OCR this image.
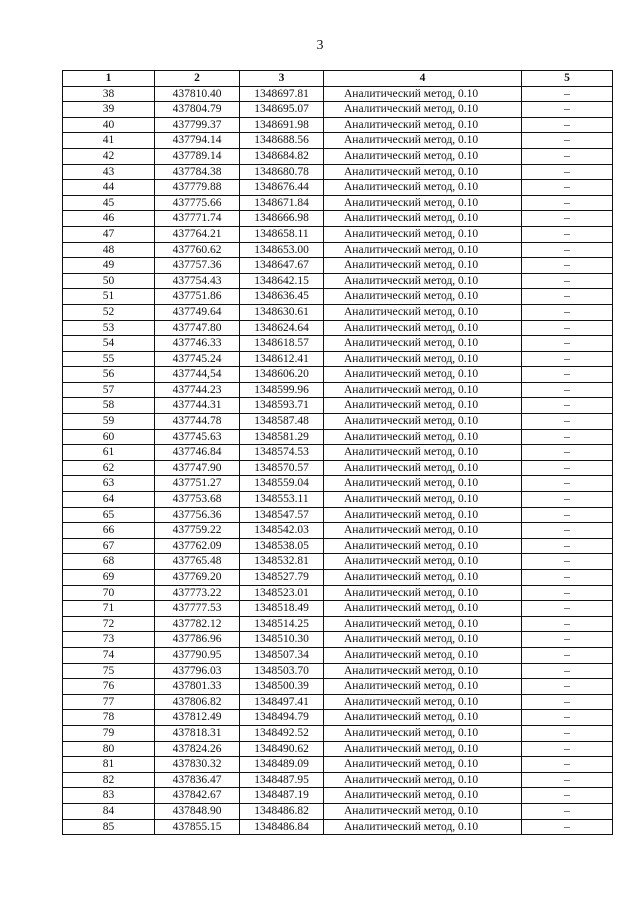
3
1	2	3	4	5
38	437810.40	1348697.81	Аналитический метод, 0.10	–
39	437804.79	1348695.07	Аналитический метод, 0.10	–
40	437799.37	1348691.98	Аналитический метод, 0.10	–
41	437794.14	1348688.56	Аналитический метод, 0.10	–
42	437789.14	1348684.82	Аналитический метод, 0.10	–
43	437784.38	1348680.78	Аналитический метод, 0.10	–
44	437779.88	1348676.44	Аналитический метод, 0.10	–
45	437775.66	1348671.84	Аналитический метод, 0.10	–
46	437771.74	1348666.98	Аналитический метод, 0.10	–
47	437764.21	1348658.11	Аналитический метод, 0.10	–
48	437760.62	1348653.00	Аналитический метод, 0.10	–
49	437757.36	1348647.67	Аналитический метод, 0.10	–
50	437754.43	1348642.15	Аналитический метод, 0.10	–
51	437751.86	1348636.45	Аналитический метод, 0.10	–
52	437749.64	1348630.61	Аналитический метод, 0.10	–
53	437747.80	1348624.64	Аналитический метод, 0.10	–
54	437746.33	1348618.57	Аналитический метод, 0.10	–
55	437745.24	1348612.41	Аналитический метод, 0.10	–
56	437744,54	1348606.20	Аналитический метод, 0.10	–
57	437744.23	1348599.96	Аналитический метод, 0.10	–
58	437744.31	1348593.71	Аналитический метод, 0.10	–
59	437744.78	1348587.48	Аналитический метод, 0.10	–
60	437745.63	1348581.29	Аналитический метод, 0.10	–
61	437746.84	1348574.53	Аналитический метод, 0.10	–
62	437747.90	1348570.57	Аналитический метод, 0.10	–
63	437751.27	1348559.04	Аналитический метод, 0.10	–
64	437753.68	1348553.11	Аналитический метод, 0.10	–
65	437756.36	1348547.57	Аналитический метод, 0.10	–
66	437759.22	1348542.03	Аналитический метод, 0.10	–
67	437762.09	1348538.05	Аналитический метод, 0.10	–
68	437765.48	1348532.81	Аналитический метод, 0.10	–
69	437769.20	1348527.79	Аналитический метод, 0.10	–
70	437773.22	1348523.01	Аналитический метод, 0.10	–
71	437777.53	1348518.49	Аналитический метод, 0.10	–
72	437782.12	1348514.25	Аналитический метод, 0.10	–
73	437786.96	1348510.30	Аналитический метод, 0.10	–
74	437790.95	1348507.34	Аналитический метод, 0.10	–
75	437796.03	1348503.70	Аналитический метод, 0.10	–
76	437801.33	1348500.39	Аналитический метод, 0.10	–
77	437806.82	1348497.41	Аналитический метод, 0.10	–
78	437812.49	1348494.79	Аналитический метод, 0.10	–
79	437818.31	1348492.52	Аналитический метод, 0.10	–
80	437824.26	1348490.62	Аналитический метод, 0.10	–
81	437830.32	1348489.09	Аналитический метод, 0.10	–
82	437836.47	1348487.95	Аналитический метод, 0.10	–
83	437842.67	1348487.19	Аналитический метод, 0.10	–
84	437848.90	1348486.82	Аналитический метод, 0.10	–
85	437855.15	1348486.84	Аналитический метод, 0.10	–
